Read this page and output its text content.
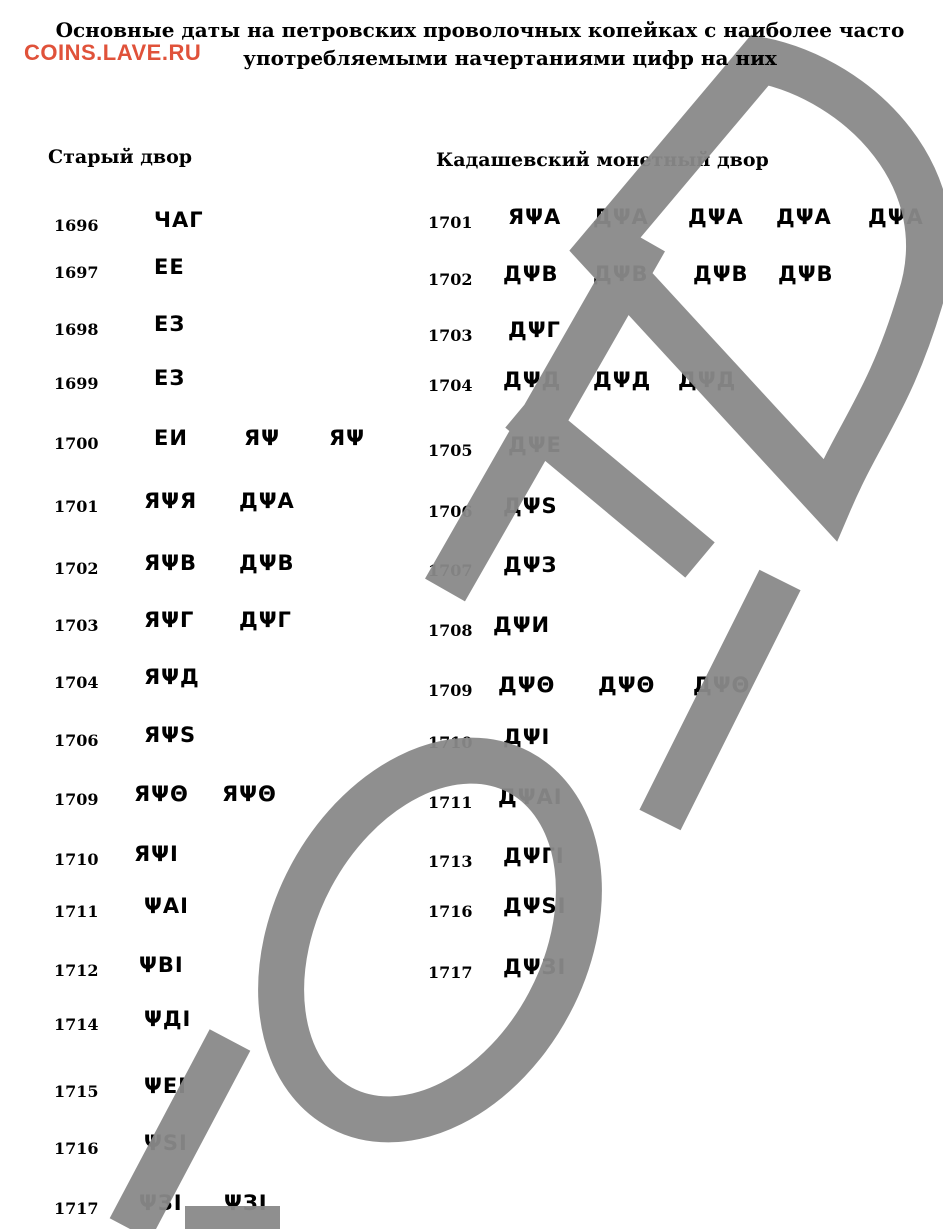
COINS.LAVE.RU
Основные даты на петровских проволочных копейках с наиболее часто
употребляемыми начертаниями цифр на них
Старый двор	Кадашевский монетный двор
1696	ЧАГ
1697	ЕЕ
1698	ЕЗ
1699	ЕЗ
1700	ЕИ	ЯΨ ЯΨ
1701 ЯΨЯ ДΨА
1702 ЯΨВ ДΨВ
1703 ЯΨГ ДΨГ
1704 ЯΨД
1706 ЯΨS
1709 ЯΨΘ ЯΨΘ
1710 ЯΨІ
1711 ΨАІ
1712 ΨВІ
1714 ΨДІ
1715 ΨЕІ
1716 ΨSІ
1717 ΨЗІ ΨЗІ
1701 ЯΨА ДΨА ДΨА ДΨА ДΨА
1702 ДΨВ ДΨВ ДΨВ ДΨВ
1703 ДΨГ
1704 ДΨД ДΨД ДΨД
1705 ДΨЕ
1706 ДΨS
1707 ДΨЗ
1708 ДΨИ
1709 ДΨΘ ДΨΘ ДΨΘ
1710 ДΨІ
1711 ДΨАІ
1713 ДΨГІ
1716 ДΨSІ
1717 ДΨЗІ
